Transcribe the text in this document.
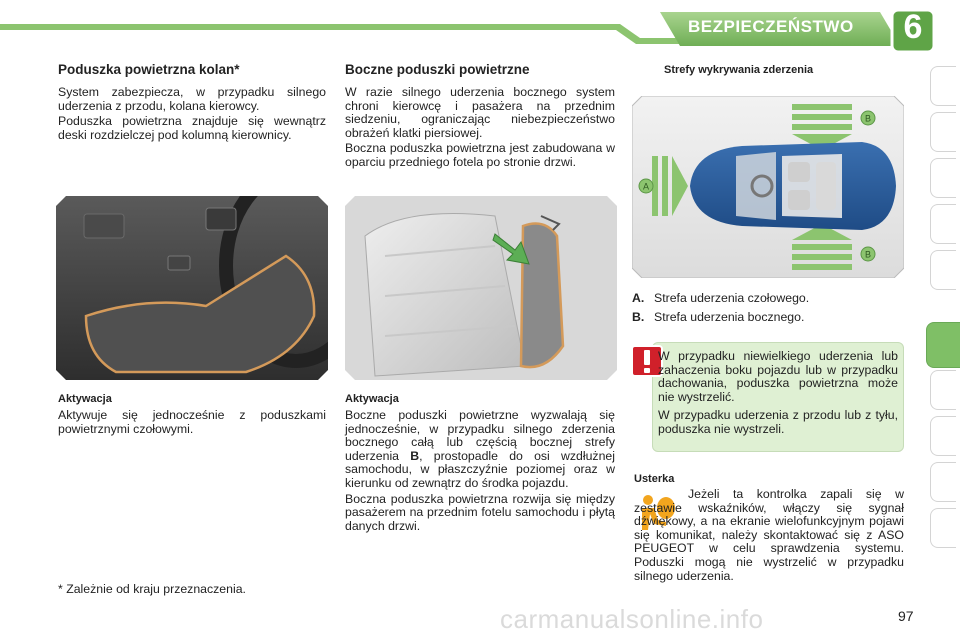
BEZPIECZEŃSTWO	6
Poduszka powietrzna kolan*

System zabezpiecza, w przypadku silnego uderzenia z przodu, kolana kierowcy.

Poduszka powietrzna znajduje się wewnątrz deski rozdzielczej pod kolumną kierownicy.

Aktywacja
Aktywuje się jednocześnie z poduszkami powietrznymi czołowymi.
* Zależnie od kraju przeznaczenia.
Boczne poduszki powietrzne

W razie silnego uderzenia bocznego system chroni kierowcę i pasażera na przednim siedzeniu, ograniczając niebezpieczeństwo obrażeń klatki piersiowej.

Boczna poduszka powietrzna jest zabudowana w oparciu przedniego fotela po stronie drzwi.

Aktywacja

Boczne poduszki powietrzne wyzwalają się jednocześnie, w przypadku silnego zderzenia bocznego całą lub częścią bocznej strefy uderzenia B, prostopadle do osi wzdłużnej samochodu, w płaszczyźnie poziomej oraz w kierunku od zewnątrz do środka pojazdu.

Boczna poduszka powietrzna rozwija się między pasażerem na przednim fotelu samochodu i płytą danych drzwi.

Strefy wykrywania zderzenia
A
B
B
A. Strefa uderzenia czołowego.
B. Strefa uderzenia bocznego.

W przypadku niewielkiego uderzenia lub zahaczenia boku pojazdu lub w przypadku dachowania, poduszka powietrzna może nie wystrzelić.

W przypadku uderzenia z przodu lub z tyłu, poduszka nie wystrzeli.

Usterka

Jeżeli ta kontrolka zapali się w zestawie wskaźników, włączy się sygnał dźwiękowy, a na ekranie wielofunkcyjnym pojawi się komunikat, należy skontaktować się z ASO PEUGEOT w celu sprawdzenia systemu. Poduszki mogą nie wystrzelić w przypadku silnego uderzenia.

carmanualsonline.info	97
